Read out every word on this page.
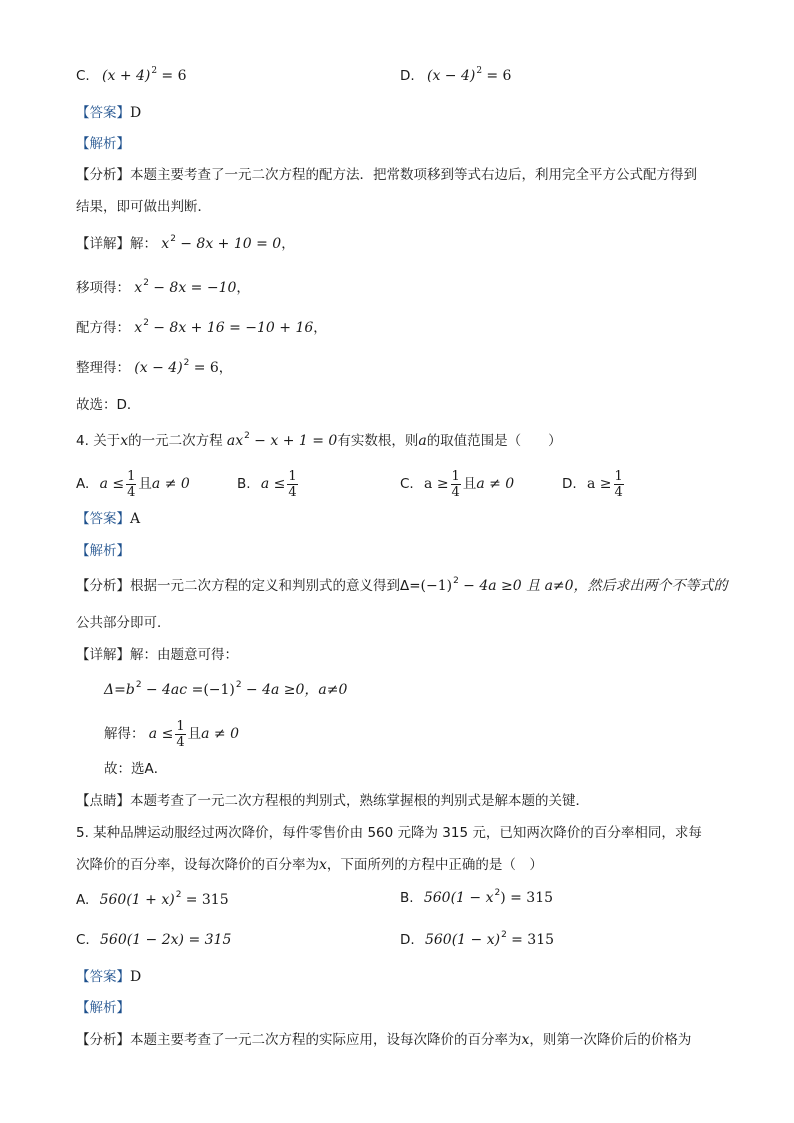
C. $(x + 4)^2 = 6$	D. $(x - 4)^2 = 6$
【答案】D
【解析】
【分析】本题主要考查了一元二次方程的配方法．把常数项移到等式右边后，利用完全平方公式配方得到
结果，即可做出判断．
【详解】解： $x^2 - 8x + 10 = 0$，
移项得： $x^2 - 8x = -10$，
配方得： $x^2 - 8x + 16 = -10 + 16$，
整理得： $(x - 4)^2 = 6$，
故选：D．
4. 关于x的一元二次方程 $ax^2 - x + 1 = 0$有实数根，则a的取值范围是（　　）
A. $a \le \frac{1}{4}$ 且a ≠ 0	B. $a \le \frac{1}{4}$	C. $a \ge \frac{1}{4}$ 且a ≠ 0	D. $a \ge \frac{1}{4}$
【答案】A
【解析】
【分析】根据一元二次方程的定义和判别式的意义得到$\Delta=(-1)^2 - 4a \ge 0$ 且 a≠0，然后求出两个不等式的
公共部分即可．
【详解】解：由题意可得：
$\Delta=b^2 - 4ac =(-1)^2 - 4a \ge 0$，a≠0
解得： $a \le \frac{1}{4}$ 且a ≠ 0
故：选A．
【点睛】本题考查了一元二次方程根的判别式，熟练掌握根的判别式是解本题的关键．
5. 某种品牌运动服经过两次降价，每件零售价由 560 元降为 315 元，已知两次降价的百分率相同，求每
次降价的百分率，设每次降价的百分率为x，下面所列的方程中正确的是（　）
A. $560(1 + x)^2 = 315$	B. $560(1 - x^2) = 315$
C. 560(1 − 2x) = 315	D. $560(1 - x)^2 = 315$
【答案】D
【解析】
【分析】本题主要考查了一元二次方程的实际应用，设每次降价的百分率为x，则第一次降价后的价格为
